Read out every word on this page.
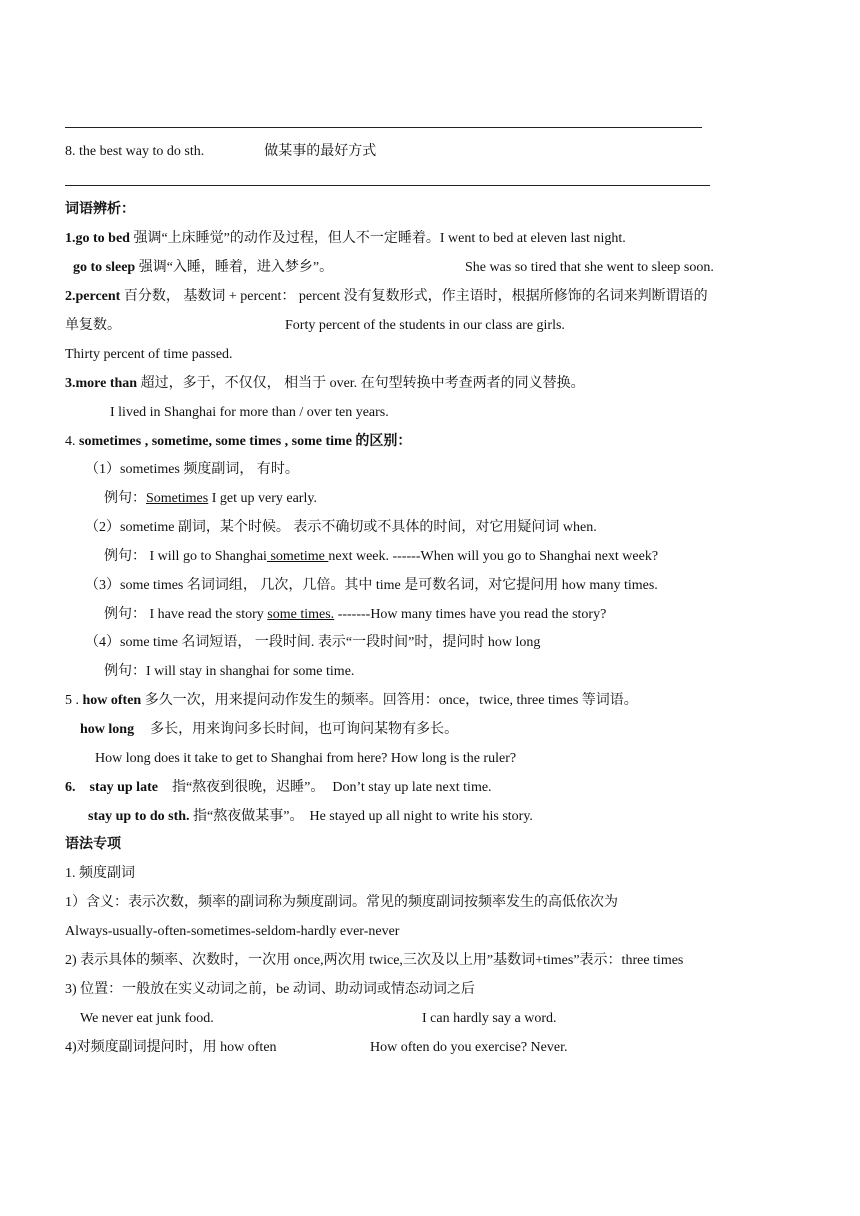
8. the best way to do sth.	做某事的最好方式
词语辨析：
1.go to bed 强调“上床睡觉”的动作及过程，但人不一定睡着。I went to bed at eleven last night.
go to sleep 强调“入睡，睡着，进入梦乡”。	She was so tired that she went to sleep soon.
2.percent 百分数， 基数词 + percent： percent 没有复数形式，作主语时，根据所修饰的名词来判断谓语的
单复数。	Forty percent of the students in our class are girls.
Thirty percent of time passed.
3.more than 超过，多于，不仅仅， 相当于 over. 在句型转换中考查两者的同义替换。
I lived in Shanghai for more than / over ten years.
4. sometimes , sometime, some times , some time 的区别：
（1）sometimes 频度副词， 有时。
例句：Sometimes I get up very early.
（2）sometime 副词，某个时候。 表示不确切或不具体的时间，对它用疑问词 when.
例句： I will go to Shanghai sometime next week. ------When will you go to Shanghai next week?
（3）some times 名词词组， 几次，几倍。其中 time 是可数名词，对它提问用 how many times.
例句： I have read the story some times. -------How many times have you read the story?
（4）some time 名词短语， 一段时间. 表示“一段时间”时，提问时 how long
例句：I will stay in shanghai for some time.
5 . how often 多久一次，用来提问动作发生的频率。回答用：once，twice, three times 等词语。
how long 多长，用来询问多长时间，也可询问某物有多长。
How long does it take to get to Shanghai from here? How long is the ruler?
6. stay up late 指“熬夜到很晚，迟睡”。 Don’t stay up late next time.
stay up to do sth. 指“熬夜做某事”。 He stayed up all night to write his story.
语法专项
1. 频度副词
1）含义：表示次数，频率的副词称为频度副词。常见的频度副词按频率发生的高低依次为
Always-usually-often-sometimes-seldom-hardly ever-never
2) 表示具体的频率、次数时，一次用 once,两次用 twice,三次及以上用”基数词+times”表示：three times
3) 位置：一般放在实义动词之前，be 动词、助动词或情态动词之后
We never eat junk food.	I can hardly say a word.
4)对频度副词提问时，用 how often	How often do you exercise? Never.
